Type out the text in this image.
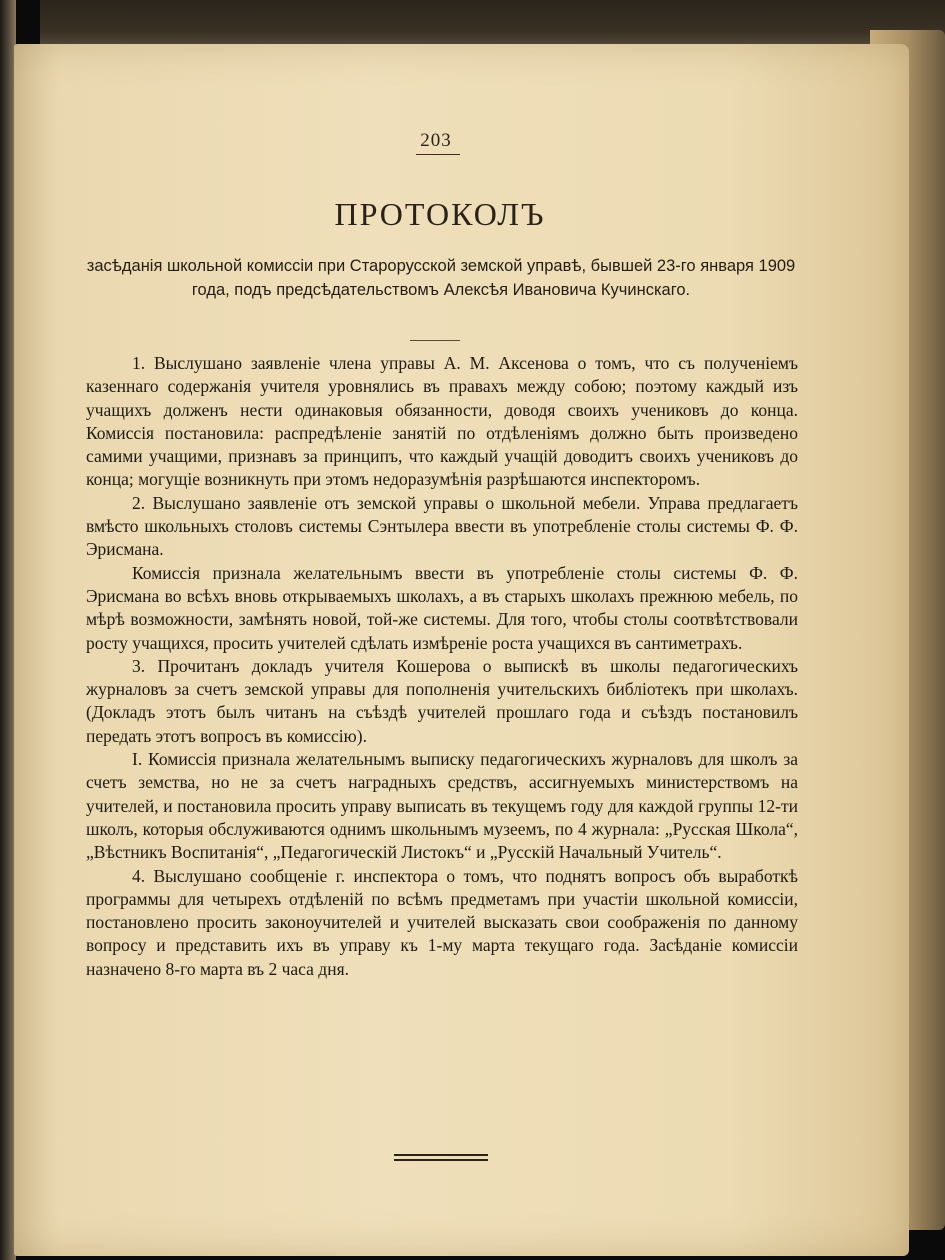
203
ПРОТОКОЛЪ
засѣданія школьной комиссіи при Старорусской земской управѣ, бывшей 23-го января 1909 года, подъ предсѣдательствомъ Алексѣя Ивановича Кучинскаго.

1. Выслушано заявленіе члена управы А. М. Аксенова о томъ, что съ полученіемъ казеннаго содержанія учителя уровнялись въ правахъ между собою; поэтому каждый изъ учащихъ долженъ нести одинаковыя обязанности, доводя своихъ учениковъ до конца. Комиссія постановила: распредѣленіе занятій по отдѣленіямъ должно быть произведено самими учащими, признавъ за принципъ, что каждый учащій доводитъ своихъ учениковъ до конца; могущіе возникнуть при этомъ недоразумѣнія разрѣшаются инспекторомъ.

2. Выслушано заявленіе отъ земской управы о школьной мебели. Управа предлагаетъ вмѣсто школьныхъ столовъ системы Сэнтылера ввести въ употребленіе столы системы Ф. Ф. Эрисмана.

Комиссія признала желательнымъ ввести въ употребленіе столы системы Ф. Ф. Эрисмана во всѣхъ вновь открываемыхъ школахъ, а въ старыхъ школахъ прежнюю мебель, по мѣрѣ возможности, замѣнять новой, той-же системы. Для того, чтобы столы соотвѣтствовали росту учащихся, просить учителей сдѣлать измѣреніе роста учащихся въ сантиметрахъ.

3. Прочитанъ докладъ учителя Кошерова о выпискѣ въ школы педагогическихъ журналовъ за счетъ земской управы для пополненія учительскихъ библіотекъ при школахъ. (Докладъ этотъ былъ читанъ на съѣздѣ учителей прошлаго года и съѣздъ постановилъ передать этотъ вопросъ въ комиссію).

I. Комиссія признала желательнымъ выписку педагогическихъ журналовъ для школъ за счетъ земства, но не за счетъ наградныхъ средствъ, ассигнуемыхъ министерствомъ на учителей, и постановила просить управу выписать въ текущемъ году для каждой группы 12-ти школъ, которыя обслуживаются однимъ школьнымъ музеемъ, по 4 журнала: „Русская Школа“, „Вѣстникъ Воспитанія“, „Педагогическій Листокъ“ и „Русскій Начальный Учитель“.

4. Выслушано сообщеніе г. инспектора о томъ, что поднятъ вопросъ объ выработкѣ программы для четырехъ отдѣленій по всѣмъ предметамъ при участіи школьной комиссіи, постановлено просить законоучителей и учителей высказать свои соображенія по данному вопросу и представить ихъ въ управу къ 1-му марта текущаго года. Засѣданіе комиссіи назначено 8-го марта въ 2 часа дня.
